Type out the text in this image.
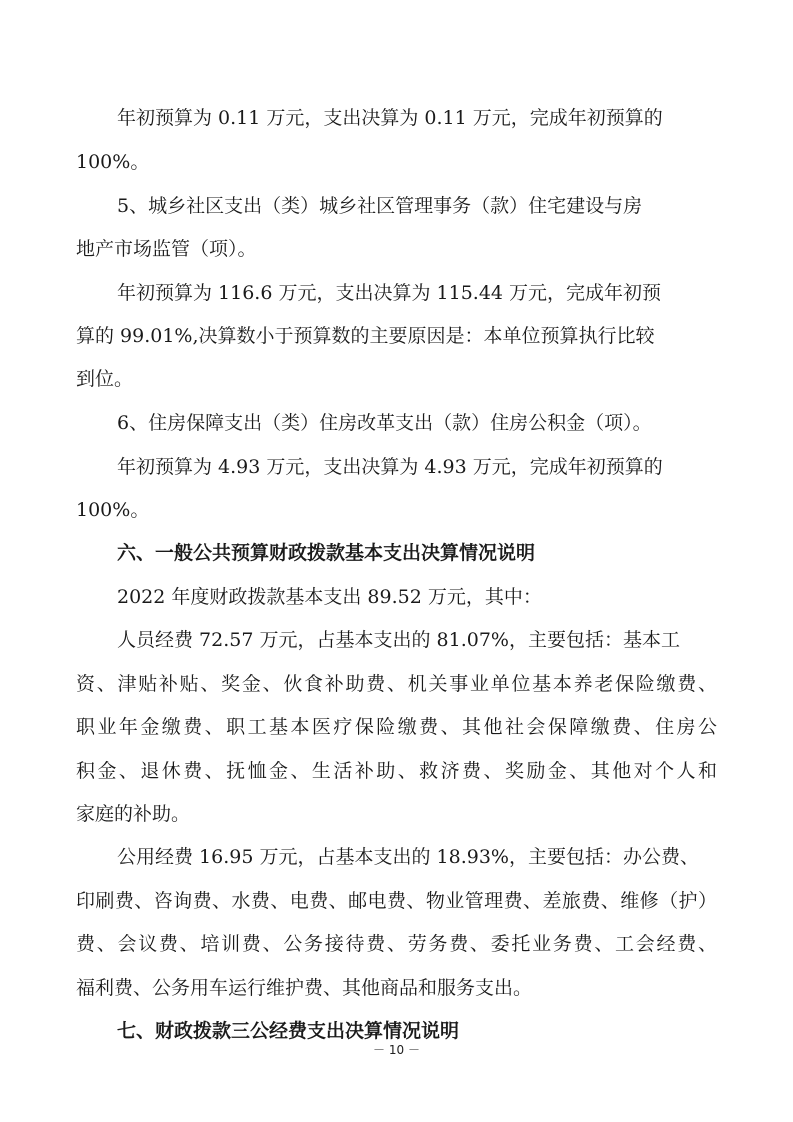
年初预算为 0.11 万元，支出决算为 0.11 万元，完成年初预算的

100%。

5、城乡社区支出（类）城乡社区管理事务（款）住宅建设与房

地产市场监管（项）。

年初预算为 116.6 万元，支出决算为 115.44 万元，完成年初预

算的 99.01%,决算数小于预算数的主要原因是：本单位预算执行比较

到位。

6、住房保障支出（类）住房改革支出（款）住房公积金（项）。

年初预算为 4.93 万元，支出决算为 4.93 万元，完成年初预算的

100%。

六、一般公共预算财政拨款基本支出决算情况说明

2022 年度财政拨款基本支出 89.52 万元，其中：

人员经费 72.57 万元，占基本支出的 81.07%，主要包括：基本工

资、津贴补贴、奖金、伙食补助费、机关事业单位基本养老保险缴费、

职业年金缴费、职工基本医疗保险缴费、其他社会保障缴费、住房公

积金、退休费、抚恤金、生活补助、救济费、奖励金、其他对个人和

家庭的补助。

公用经费 16.95 万元，占基本支出的 18.93%，主要包括：办公费、

印刷费、咨询费、水费、电费、邮电费、物业管理费、差旅费、维修（护）

费、会议费、培训费、公务接待费、劳务费、委托业务费、工会经费、

福利费、公务用车运行维护费、其他商品和服务支出。

七、财政拨款三公经费支出决算情况说明

－ 10 －
